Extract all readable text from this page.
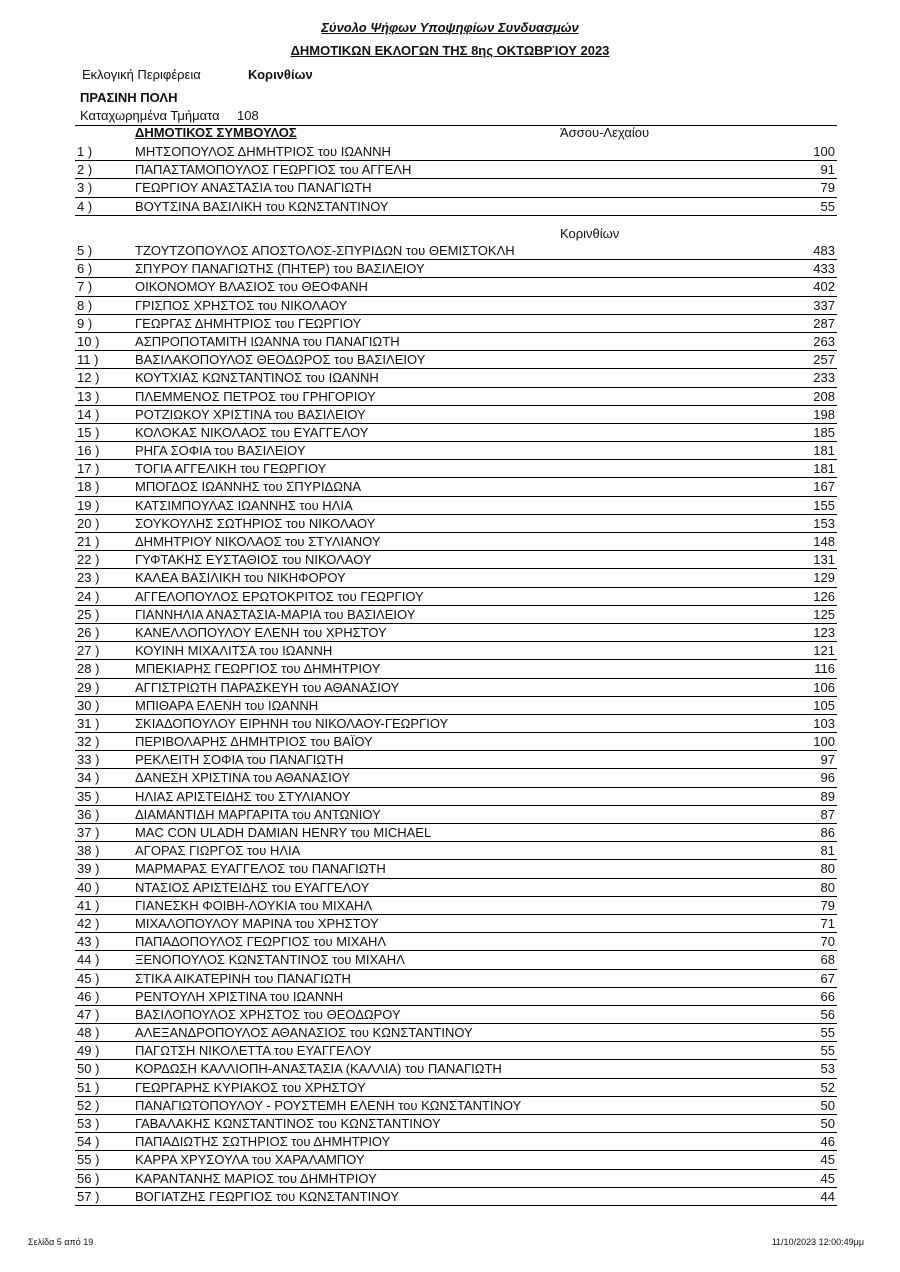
Σύνολο Ψήφων Υποψηφίων Συνδυασμών
ΔΗΜΟΤΙΚΩΝ ΕΚΛΟΓΩΝ ΤΗΣ 8ης ΟΚΤΩΒΡΊΟΥ 2023
Εκλογική Περιφέρεια	Κορινθίων
ΠΡΑΣΙΝΗ ΠΟΛΗ
Καταχωρημένα Τμήματα 108
ΔΗΜΟΤΙΚΟΣ ΣΥΜΒΟΥΛΟΣ	Άσσου-Λεχαίου
1 )	ΜΗΤΣΟΠΟΥΛΟΣ ΔΗΜΗΤΡΙΟΣ του ΙΩΑΝΝΗ	100
2 )	ΠΑΠΑΣΤΑΜΟΠΟΥΛΟΣ ΓΕΩΡΓΙΟΣ του ΑΓΓΕΛΗ	91
3 )	ΓΕΩΡΓΙΟΥ ΑΝΑΣΤΑΣΙΑ του ΠΑΝΑΓΙΩΤΗ	79
4 )	ΒΟΥΤΣΙΝΑ ΒΑΣΙΛΙΚΗ του ΚΩΝΣΤΑΝΤΙΝΟΥ	55
Κορινθίων
5 )	ΤΖΟΥΤΖΟΠΟΥΛΟΣ ΑΠΟΣΤΟΛΟΣ-ΣΠΥΡΙΔΩΝ του ΘΕΜΙΣΤΟΚΛΗ	483
6 )	ΣΠΥΡΟΥ ΠΑΝΑΓΙΩΤΗΣ (ΠΗΤΕΡ) του ΒΑΣΙΛΕΙΟΥ	433
7 )	ΟΙΚΟΝΟΜΟΥ ΒΛΑΣΙΟΣ του ΘΕΟΦΑΝΗ	402
8 )	ΓΡΙΣΠΟΣ ΧΡΗΣΤΟΣ του ΝΙΚΟΛΑΟΥ	337
9 )	ΓΕΩΡΓΑΣ ΔΗΜΗΤΡΙΟΣ του ΓΕΩΡΓΙΟΥ	287
10 )	ΑΣΠΡΟΠΟΤΑΜΙΤΗ ΙΩΑΝΝΑ του ΠΑΝΑΓΙΩΤΗ	263
11 )	ΒΑΣΙΛΑΚΟΠΟΥΛΟΣ ΘΕΟΔΩΡΟΣ του ΒΑΣΙΛΕΙΟΥ	257
12 )	ΚΟΥΤΧΙΑΣ ΚΩΝΣΤΑΝΤΙΝΟΣ του ΙΩΑΝΝΗ	233
13 )	ΠΛΕΜΜΕΝΟΣ ΠΕΤΡΟΣ του ΓΡΗΓΟΡΙΟΥ	208
14 )	ΡΟΤΖΙΩΚΟΥ ΧΡΙΣΤΙΝΑ του ΒΑΣΙΛΕΙΟΥ	198
15 )	ΚΟΛΟΚΑΣ ΝΙΚΟΛΑΟΣ του ΕΥΑΓΓΕΛΟΥ	185
16 )	ΡΗΓΑ ΣΟΦΙΑ του ΒΑΣΙΛΕΙΟΥ	181
17 )	ΤΟΓΙΑ ΑΓΓΕΛΙΚΗ του ΓΕΩΡΓΙΟΥ	181
18 )	ΜΠΟΓΔΟΣ ΙΩΑΝΝΗΣ του ΣΠΥΡΙΔΩΝΑ	167
19 )	ΚΑΤΣΙΜΠΟΥΛΑΣ ΙΩΑΝΝΗΣ του ΗΛΙΑ	155
20 )	ΣΟΥΚΟΥΛΗΣ ΣΩΤΗΡΙΟΣ του ΝΙΚΟΛΑΟΥ	153
21 )	ΔΗΜΗΤΡΙΟΥ ΝΙΚΟΛΑΟΣ του ΣΤΥΛΙΑΝΟΥ	148
22 )	ΓΥΦΤΑΚΗΣ ΕΥΣΤΑΘΙΟΣ του ΝΙΚΟΛΑΟΥ	131
23 )	ΚΑΛΕΑ ΒΑΣΙΛΙΚΗ του ΝΙΚΗΦΟΡΟΥ	129
24 )	ΑΓΓΕΛΟΠΟΥΛΟΣ ΕΡΩΤΟΚΡΙΤΟΣ του ΓΕΩΡΓΙΟΥ	126
25 )	ΓΙΑΝΝΗΛΙΑ ΑΝΑΣΤΑΣΙΑ-ΜΑΡΙΑ του ΒΑΣΙΛΕΙΟΥ	125
26 )	ΚΑΝΕΛΛΟΠΟΥΛΟΥ ΕΛΕΝΗ του ΧΡΗΣΤΟΥ	123
27 )	ΚΟΥΙΝΗ ΜΙΧΑΛΙΤΣΑ του ΙΩΑΝΝΗ	121
28 )	ΜΠΕΚΙΑΡΗΣ ΓΕΩΡΓΙΟΣ του ΔΗΜΗΤΡΙΟΥ	116
29 )	ΑΓΓΙΣΤΡΙΩΤΗ ΠΑΡΑΣΚΕΥΗ του ΑΘΑΝΑΣΙΟΥ	106
30 )	ΜΠΙΘΑΡΑ ΕΛΕΝΗ του ΙΩΑΝΝΗ	105
31 )	ΣΚΙΑΔΟΠΟΥΛΟΥ ΕΙΡΗΝΗ του ΝΙΚΟΛΑΟΥ-ΓΕΩΡΓΙΟΥ	103
32 )	ΠΕΡΙΒΟΛΑΡΗΣ ΔΗΜΗΤΡΙΟΣ του ΒΑΪΟΥ	100
33 )	ΡΕΚΛΕΙΤΗ ΣΟΦΙΑ του ΠΑΝΑΓΙΩΤΗ	97
34 )	ΔΑΝΕΣΗ ΧΡΙΣΤΙΝΑ του ΑΘΑΝΑΣΙΟΥ	96
35 )	ΗΛΙΑΣ ΑΡΙΣΤΕΙΔΗΣ του ΣΤΥΛΙΑΝΟΥ	89
36 )	ΔΙΑΜΑΝΤΙΔΗ ΜΑΡΓΑΡΙΤΑ του ΑΝΤΩΝΙΟΥ	87
37 )	MAC CON ULADH DAMIAN HENRY του MICHAEL	86
38 )	ΑΓΟΡΑΣ ΓΙΩΡΓΟΣ του ΗΛΙΑ	81
39 )	ΜΑΡΜΑΡΑΣ ΕΥΑΓΓΕΛΟΣ του ΠΑΝΑΓΙΩΤΗ	80
40 )	ΝΤΑΣΙΟΣ ΑΡΙΣΤΕΙΔΗΣ του ΕΥΑΓΓΕΛΟΥ	80
41 )	ΓΙΑΝΕΣΚΗ ΦΟΙΒΗ-ΛΟΥΚΙΑ του ΜΙΧΑΗΛ	79
42 )	ΜΙΧΑΛΟΠΟΥΛΟΥ ΜΑΡΙΝΑ του ΧΡΗΣΤΟΥ	71
43 )	ΠΑΠΑΔΟΠΟΥΛΟΣ ΓΕΩΡΓΙΟΣ του ΜΙΧΑΗΛ	70
44 )	ΞΕΝΟΠΟΥΛΟΣ ΚΩΝΣΤΑΝΤΙΝΟΣ του ΜΙΧΑΗΛ	68
45 )	ΣΤΙΚΑ ΑΙΚΑΤΕΡΙΝΗ του ΠΑΝΑΓΙΩΤΗ	67
46 )	ΡΕΝΤΟΥΛΗ ΧΡΙΣΤΙΝΑ του ΙΩΑΝΝΗ	66
47 )	ΒΑΣΙΛΟΠΟΥΛΟΣ ΧΡΗΣΤΟΣ του ΘΕΟΔΩΡΟΥ	56
48 )	ΑΛΕΞΑΝΔΡΟΠΟΥΛΟΣ ΑΘΑΝΑΣΙΟΣ του ΚΩΝΣΤΑΝΤΙΝΟΥ	55
49 )	ΠΑΓΩΤΣΗ ΝΙΚΟΛΕΤΤΑ του ΕΥΑΓΓΕΛΟΥ	55
50 )	ΚΟΡΔΩΣΗ ΚΑΛΛΙΟΠΗ-ΑΝΑΣΤΑΣΙΑ (ΚΑΛΛΙΑ) του ΠΑΝΑΓΙΩΤΗ	53
51 )	ΓΕΩΡΓΑΡΗΣ ΚΥΡΙΑΚΟΣ του ΧΡΗΣΤΟΥ	52
52 )	ΠΑΝΑΓΙΩΤΟΠΟΥΛΟΥ - ΡΟΥΣΤΕΜΗ ΕΛΕΝΗ του ΚΩΝΣΤΑΝΤΙΝΟΥ	50
53 )	ΓΑΒΑΛΑΚΗΣ ΚΩΝΣΤΑΝΤΙΝΟΣ του ΚΩΝΣΤΑΝΤΙΝΟΥ	50
54 )	ΠΑΠΑΔΙΩΤΗΣ ΣΩΤΗΡΙΟΣ του ΔΗΜΗΤΡΙΟΥ	46
55 )	ΚΑΡΡΑ ΧΡΥΣΟΥΛΑ του ΧΑΡΑΛΑΜΠΟΥ	45
56 )	ΚΑΡΑΝΤΑΝΗΣ ΜΑΡΙΟΣ του ΔΗΜΗΤΡΙΟΥ	45
57 )	ΒΟΓΙΑΤΖΗΣ ΓΕΩΡΓΙΟΣ του ΚΩΝΣΤΑΝΤΙΝΟΥ	44
Σελίδα 5 από 19	11/10/2023 12:00:49μμ
